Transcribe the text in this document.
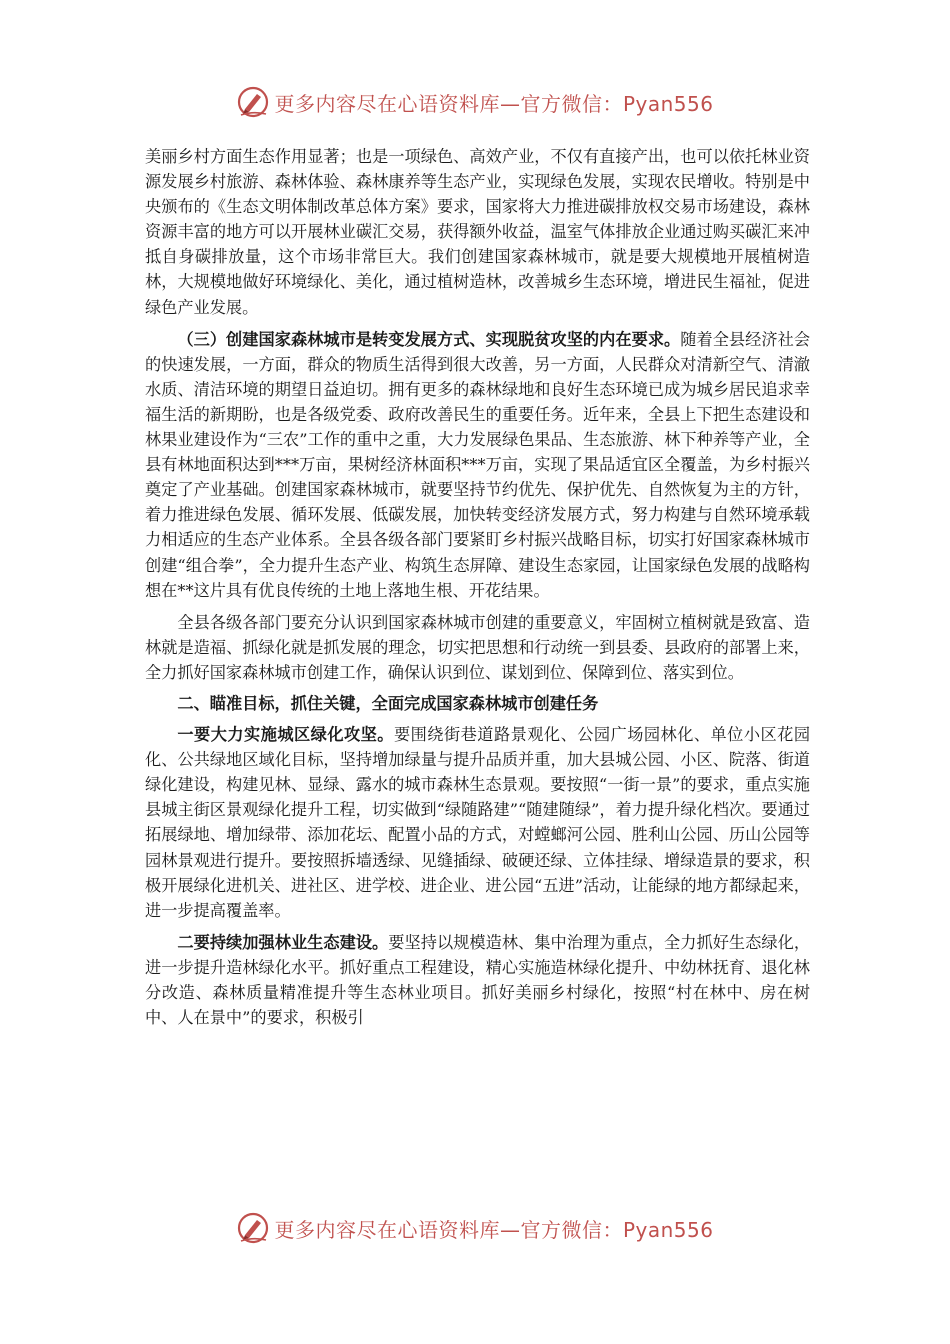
更多内容尽在心语资料库—官方微信：Pyan556

美丽乡村方面生态作用显著；也是一项绿色、高效产业，不仅有直接产出，也可以依托林业资源发展乡村旅游、森林体验、森林康养等生态产业，实现绿色发展，实现农民增收。特别是中央颁布的《生态文明体制改革总体方案》要求，国家将大力推进碳排放权交易市场建设，森林资源丰富的地方可以开展林业碳汇交易，获得额外收益，温室气体排放企业通过购买碳汇来冲抵自身碳排放量，这个市场非常巨大。我们创建国家森林城市，就是要大规模地开展植树造林，大规模地做好环境绿化、美化，通过植树造林，改善城乡生态环境，增进民生福祉，促进绿色产业发展。

（三）创建国家森林城市是转变发展方式、实现脱贫攻坚的内在要求。随着全县经济社会的快速发展，一方面，群众的物质生活得到很大改善，另一方面，人民群众对清新空气、清澈水质、清洁环境的期望日益迫切。拥有更多的森林绿地和良好生态环境已成为城乡居民追求幸福生活的新期盼，也是各级党委、政府改善民生的重要任务。近年来，全县上下把生态建设和林果业建设作为“三农”工作的重中之重，大力发展绿色果品、生态旅游、林下种养等产业，全县有林地面积达到***万亩，果树经济林面积***万亩，实现了果品适宜区全覆盖，为乡村振兴奠定了产业基础。创建国家森林城市，就要坚持节约优先、保护优先、自然恢复为主的方针，着力推进绿色发展、循环发展、低碳发展，加快转变经济发展方式，努力构建与自然环境承载力相适应的生态产业体系。全县各级各部门要紧盯乡村振兴战略目标，切实打好国家森林城市创建“组合拳”，全力提升生态产业、构筑生态屏障、建设生态家园，让国家绿色发展的战略构想在**这片具有优良传统的土地上落地生根、开花结果。

全县各级各部门要充分认识到国家森林城市创建的重要意义，牢固树立植树就是致富、造林就是造福、抓绿化就是抓发展的理念，切实把思想和行动统一到县委、县政府的部署上来，全力抓好国家森林城市创建工作，确保认识到位、谋划到位、保障到位、落实到位。

二、瞄准目标，抓住关键，全面完成国家森林城市创建任务

一要大力实施城区绿化攻坚。要围绕街巷道路景观化、公园广场园林化、单位小区花园化、公共绿地区域化目标，坚持增加绿量与提升品质并重，加大县城公园、小区、院落、街道绿化建设，构建见林、显绿、露水的城市森林生态景观。要按照“一街一景”的要求，重点实施县城主街区景观绿化提升工程，切实做到“绿随路建”“随建随绿”，着力提升绿化档次。要通过拓展绿地、增加绿带、添加花坛、配置小品的方式，对螳螂河公园、胜利山公园、历山公园等园林景观进行提升。要按照拆墙透绿、见缝插绿、破硬还绿、立体挂绿、增绿造景的要求，积极开展绿化进机关、进社区、进学校、进企业、进公园“五进”活动，让能绿的地方都绿起来，进一步提高覆盖率。

二要持续加强林业生态建设。要坚持以规模造林、集中治理为重点，全力抓好生态绿化，进一步提升造林绿化水平。抓好重点工程建设，精心实施造林绿化提升、中幼林抚育、退化林分改造、森林质量精准提升等生态林业项目。抓好美丽乡村绿化，按照“村在林中、房在树中、人在景中”的要求，积极引

更多内容尽在心语资料库—官方微信：Pyan556
